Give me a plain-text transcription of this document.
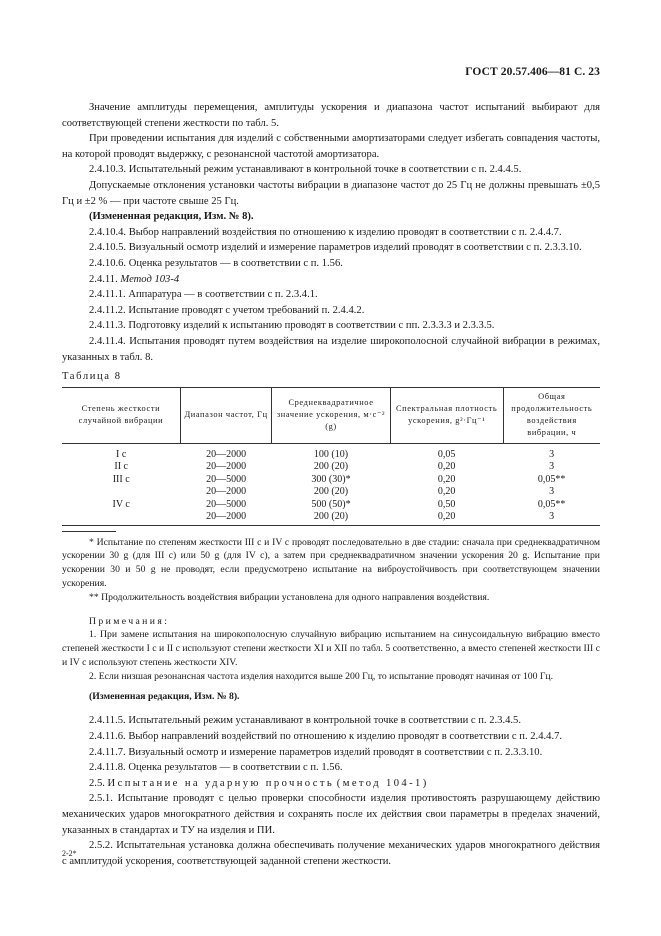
ГОСТ 20.57.406—81 С. 23

Значение амплитуды перемещения, амплитуды ускорения и диапазона частот испытаний выбирают для соответствующей степени жесткости по табл. 5.

При проведении испытания для изделий с собственными амортизаторами следует избегать совпадения частоты, на которой проводят выдержку, с резонансной частотой амортизатора.

2.4.10.3. Испытательный режим устанавливают в контрольной точке в соответствии с п. 2.4.4.5.

Допускаемые отклонения установки частоты вибрации в диапазоне частот до 25 Гц не должны превышать ±0,5 Гц и ±2 % — при частоте свыше 25 Гц.

(Измененная редакция, Изм. № 8).

2.4.10.4. Выбор направлений воздействия по отношению к изделию проводят в соответствии с п. 2.4.4.7.

2.4.10.5. Визуальный осмотр изделий и измерение параметров изделий проводят в соответствии с п. 2.3.3.10.

2.4.10.6. Оценка результатов — в соответствии с п. 1.56.

2.4.11. Метод 103-4

2.4.11.1. Аппаратура — в соответствии с п. 2.3.4.1.

2.4.11.2. Испытание проводят с учетом требований п. 2.4.4.2.

2.4.11.3. Подготовку изделий к испытанию проводят в соответствии с пп. 2.3.3.3 и 2.3.3.5.

2.4.11.4. Испытания проводят путем воздействия на изделие широкополосной случайной вибрации в режимах, указанных в табл. 8.

Таблица 8

Степень жесткости случайной вибрации	Диапазон частот, Гц	Среднеквадратичное значение ускорения, м·с⁻² (g)	Спектральная плотность ускорения, g²·Гц⁻¹	Общая продолжительность воздействия вибрации, ч
I с	20—2000	100 (10)	0,05	3
II с	20—2000	200 (20)	0,20	3
III с	20—5000	300 (30)*	0,20	0,05**
	20—2000	200 (20)	0,20	3
IV с	20—5000	500 (50)*	0,50	0,05**
	20—2000	200 (20)	0,20	3

* Испытание по степеням жесткости III с и IV с проводят последовательно в две стадии: сначала при среднеквадратичном ускорении 30 g (для III с) или 50 g (для IV с), а затем при среднеквадратичном значении ускорения 20 g. Испытание при ускорении 30 и 50 g не проводят, если предусмотрено испытание на виброустойчивость при соответствующем значении ускорения.

** Продолжительность воздействия вибрации установлена для одного направления воздействия.

Примечания:

1. При замене испытания на широкополосную случайную вибрацию испытанием на синусоидальную вибрацию вместо степеней жесткости I с и II с используют степени жесткости XI и XII по табл. 5 соответственно, а вместо степеней жесткости III с и IV с используют степень жесткости XIV.

2. Если низшая резонансная частота изделия находится выше 200 Гц, то испытание проводят начиная от 100 Гц.

(Измененная редакция, Изм. № 8).

2.4.11.5. Испытательный режим устанавливают в контрольной точке в соответствии с п. 2.3.4.5.

2.4.11.6. Выбор направлений воздействий по отношению к изделию проводят в соответствии с п. 2.4.4.7.

2.4.11.7. Визуальный осмотр и измерение параметров изделий проводят в соответствии с п. 2.3.3.10.

2.4.11.8. Оценка результатов — в соответствии с п. 1.56.

2.5. Испытание на ударную прочность (метод 104-1)

2.5.1. Испытание проводят с целью проверки способности изделия противостоять разрушающему действию механических ударов многократного действия и сохранять после их действия свои параметры в пределах значений, указанных в стандартах и ТУ на изделия и ПИ.

2.5.2. Испытательная установка должна обеспечивать получение механических ударов многократного действия с амплитудой ускорения, соответствующей заданной степени жесткости.

2-2*
